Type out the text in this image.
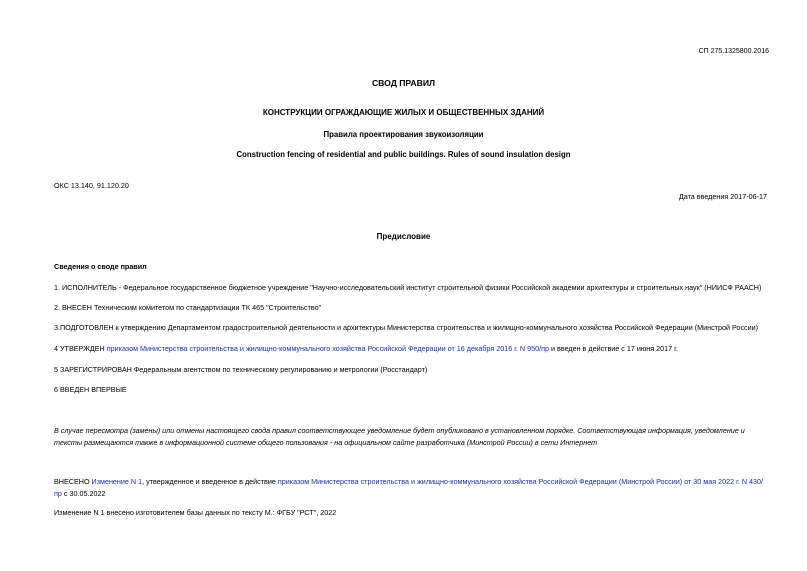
СП 275.1325800.2016
СВОД ПРАВИЛ
КОНСТРУКЦИИ ОГРАЖДАЮЩИЕ ЖИЛЫХ И ОБЩЕСТВЕННЫХ ЗДАНИЙ
Правила проектирования звукоизоляции
Construction fencing of residential and public buildings. Rules of sound insulation design
ОКС 13.140, 91.120.20
Дата введения 2017-06-17
Предисловие
Сведения о своде правил
1. ИСПОЛНИТЕЛЬ - Федеральное государственное бюджетное учреждение "Научно-исследовательский институт строительной физики Российской академии архитектуры и строительных наук" (НИИСФ РААСН)
2. ВНЕСЕН Техническим комитетом по стандартизации ТК 465 "Строительство"
3.ПОДГОТОВЛЕН к утверждению Департаментом градостроительной деятельности и архитектуры Министерства строительства и жилищно-коммунального хозяйства Российской Федерации (Минстрой России)
4 УТВЕРЖДЕН приказом Министерства строительства и жилищно-коммунального хозяйства Российской Федерации от 16 декабря 2016 г. N 950/пр и введен в действие с 17 июня 2017 г.
5 ЗАРЕГИСТРИРОВАН Федеральным агентством по техническому регулированию и метрологии (Росстандарт)
6 ВВЕДЕН ВПЕРВЫЕ
В случае пересмотра (замены) или отмены настоящего свода правил соответствующее уведомление будет опубликовано в установленном порядке. Соответствующая информация, уведомление и тексты размещаются также в информационной системе общего пользования - на официальном сайте разработчика (Минстрой России) в сети Интернет
ВНЕСЕНО Изменение N 1, утвержденное и введенное в действие приказом Министерства строительства и жилищно-коммунального хозяйства Российской Федерации (Минстрой России) от 30 мая 2022 г. N 430/пр с 30.05.2022
Изменение N 1 внесено изготовителем базы данных по тексту М.: ФГБУ "РСТ", 2022
